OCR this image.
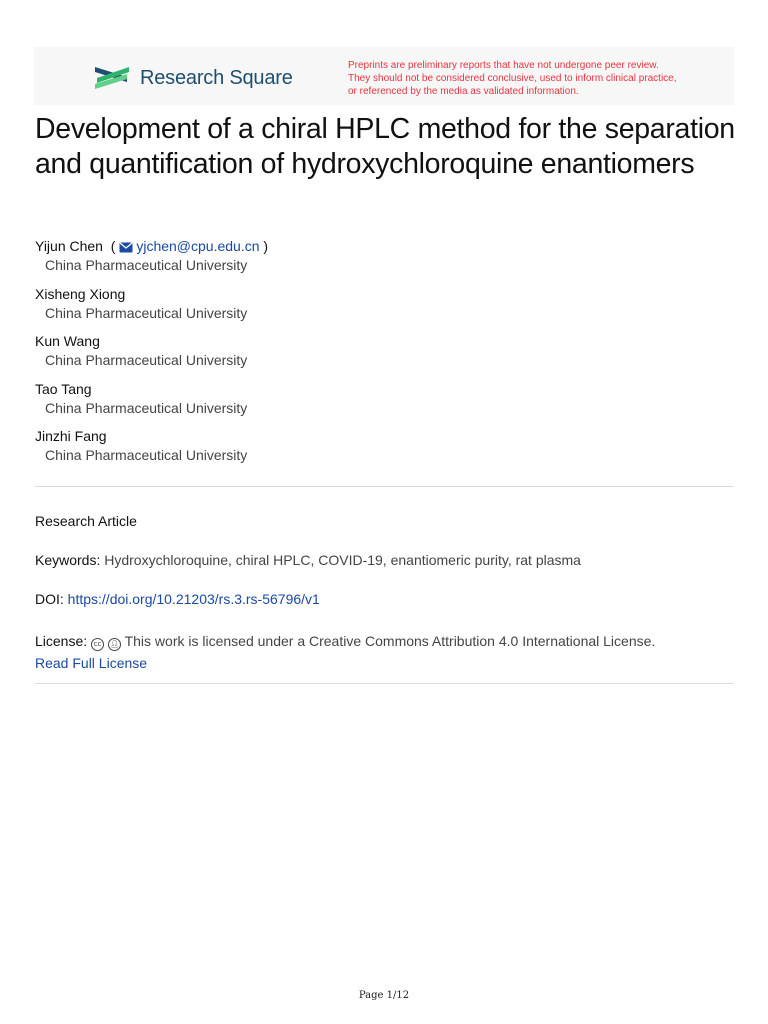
Research Square
Preprints are preliminary reports that have not undergone peer review.
They should not be considered conclusive, used to inform clinical practice,
or referenced by the media as validated information.
Development of a chiral HPLC method for the separation and quantification of hydroxychloroquine enantiomers
Yijun Chen  ( yjchen@cpu.edu.cn )
China Pharmaceutical University
Xisheng Xiong
China Pharmaceutical University
Kun Wang
China Pharmaceutical University
Tao Tang
China Pharmaceutical University
Jinzhi Fang
China Pharmaceutical University
Research Article
Keywords: Hydroxychloroquine, chiral HPLC, COVID-19, enantiomeric purity, rat plasma
DOI: https://doi.org/10.21203/rs.3.rs-56796/v1
License: cc 👤︎ This work is licensed under a Creative Commons Attribution 4.0 International License.
Read Full License
Page 1/12
